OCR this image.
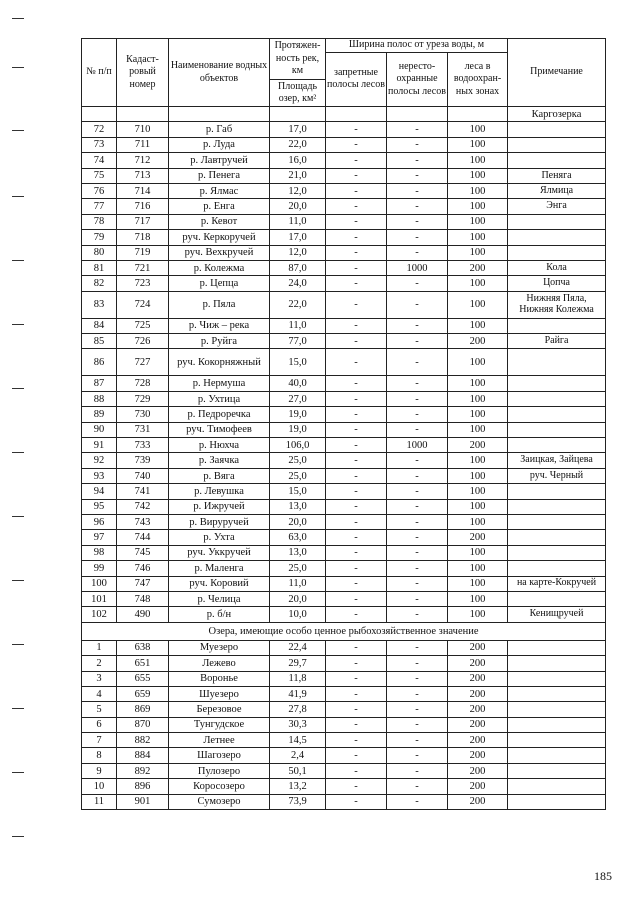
№ п/п	Кадаст-ровый номер	Наименование водных объектов	Протяжен-ность рек, км	Ширина полос от уреза воды, м			Примечание
				запретные полосы лесов	нересто-охранные полосы лесов	леса в водоохран-ных зонах	
			Площадь озер, км²				
							Каргозерка
72	710	р. Габ	17,0	-	-	100	
73	711	р. Луда	22,0	-	-	100	
74	712	р. Лавтручей	16,0	-	-	100	
75	713	р. Пенега	21,0	-	-	100	Пеняга
76	714	р. Ялмас	12,0	-	-	100	Ялмица
77	716	р. Енга	20,0	-	-	100	Энга
78	717	р. Кевот	11,0	-	-	100	
79	718	руч. Керкоручей	17,0	-	-	100	
80	719	руч. Вехкручей	12,0	-	-	100	
81	721	р. Колежма	87,0	-	1000	200	Кола
82	723	р. Цепца	24,0	-	-	100	Цопча
83	724	р. Пяла	22,0	-	-	100	Нижняя Пяла, Нижняя Колежма
84	725	р. Чиж – река	11,0	-	-	100	
85	726	р. Руйга	77,0	-	-	200	Райга
86	727	руч. Кокорняжный	15,0	-	-	100	
87	728	р. Нермуша	40,0	-	-	100	
88	729	р. Ухтица	27,0	-	-	100	
89	730	р. Педроречка	19,0	-	-	100	
90	731	руч. Тимофеев	19,0	-	-	100	
91	733	р. Нюхча	106,0	-	1000	200	
92	739	р. Заячка	25,0	-	-	100	Заицкая, Зайцева
93	740	р. Вяга	25,0	-	-	100	руч. Черный
94	741	р. Левушка	15,0	-	-	100	
95	742	р. Ижручей	13,0	-	-	100	
96	743	р. Вируручей	20,0	-	-	100	
97	744	р. Ухта	63,0	-	-	200	
98	745	руч. Уккручей	13,0	-	-	100	
99	746	р. Маленга	25,0	-	-	100	
100	747	руч. Коровий	11,0	-	-	100	на карте-Кокручей
101	748	р. Челица	20,0	-	-	100	
102	490	р. б/н	10,0	-	-	100	Кенищручей
Озера, имеющие особо ценное рыбохозяйственное значение							
1	638	Муезеро	22,4	-	-	200	
2	651	Лежево	29,7	-	-	200	
3	655	Воронье	11,8	-	-	200	
4	659	Шуезеро	41,9	-	-	200	
5	869	Березовое	27,8	-	-	200	
6	870	Тунгудское	30,3	-	-	200	
7	882	Летнее	14,5	-	-	200	
8	884	Шагозеро	2,4	-	-	200	
9	892	Пулозеро	50,1	-	-	200	
10	896	Коросозеро	13,2	-	-	200	
11	901	Сумозеро	73,9	-	-	200	
185
